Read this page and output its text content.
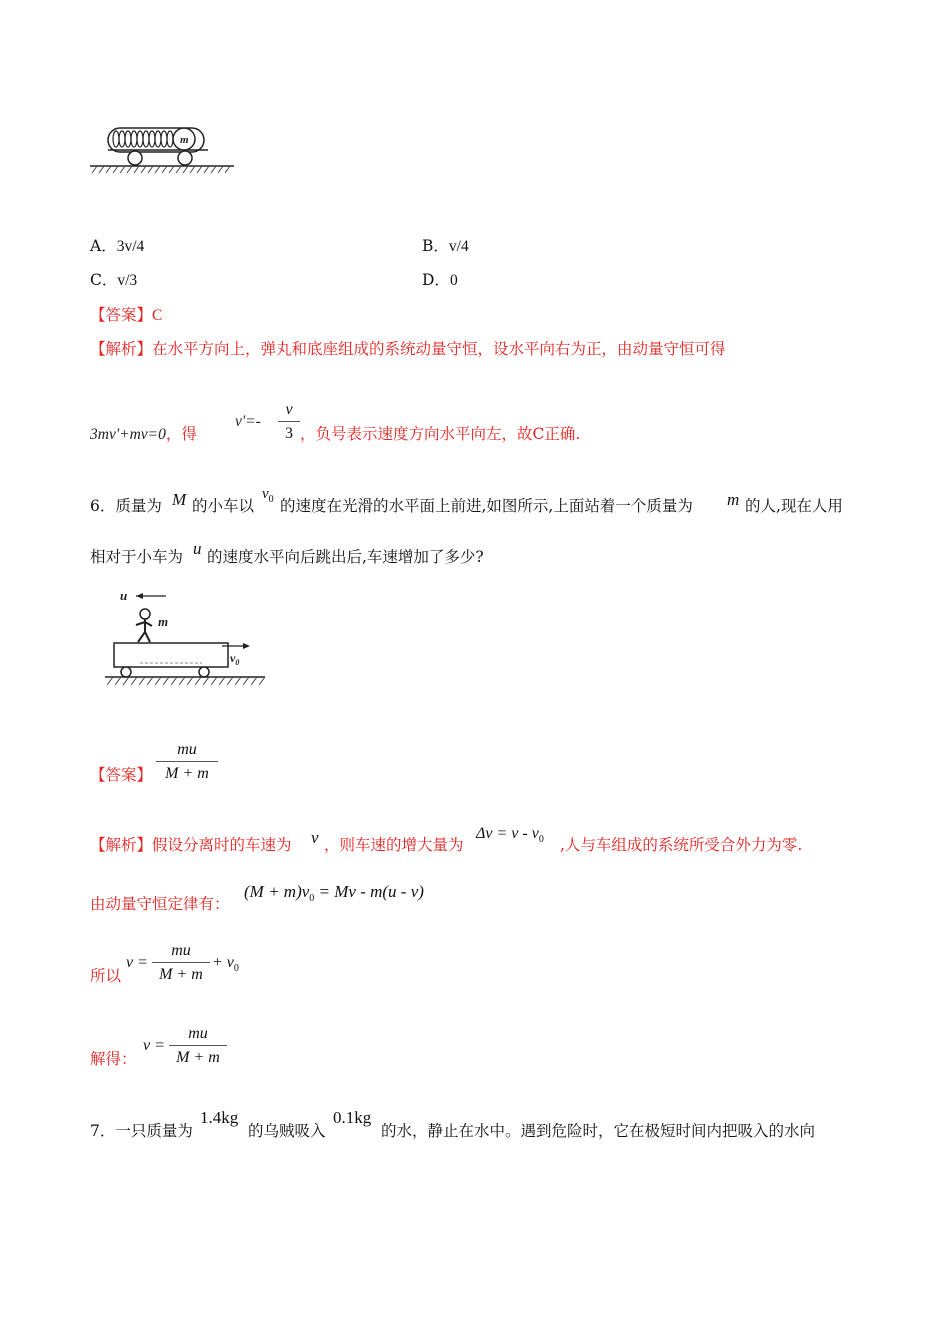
m
A．3v/4	B．v/4
C．v/3	D．0
【答案】C
【解析】在水平方向上，弹丸和底座组成的系统动量守恒，设水平向右为正，由动量守恒可得
3mv'+mv=0，得
$v'=- \frac{v}{3}$ ，负号表示速度方向水平向左，故C正确.
6．质量为 M 的小车以
$v_0$ 的速度在光滑的水平面上前进,如图所示,上面站着一个质量为 m 的人,现在人用
相对于小车为 u 的速度水平向后跳出后,车速增加了多少?
u
m
$v_0$
【答案】 $\frac{mu}{M + m}$
【解析】假设分离时的车速为 v ，则车速的增大量为
$\Delta v = v - v_0$ ,人与车组成的系统所受合外力为零.
由动量守恒定律有：
$(M + m)v_0 = Mv - m(u - v)$
所以
$v = \frac{mu}{M + m} + v_0$
解得：
$v = \frac{mu}{M + m}$
7．一只质量为
1.4kg
的乌贼吸入
0.1kg
的水，静止在水中。遇到危险时，它在极短时间内把吸入的水向
